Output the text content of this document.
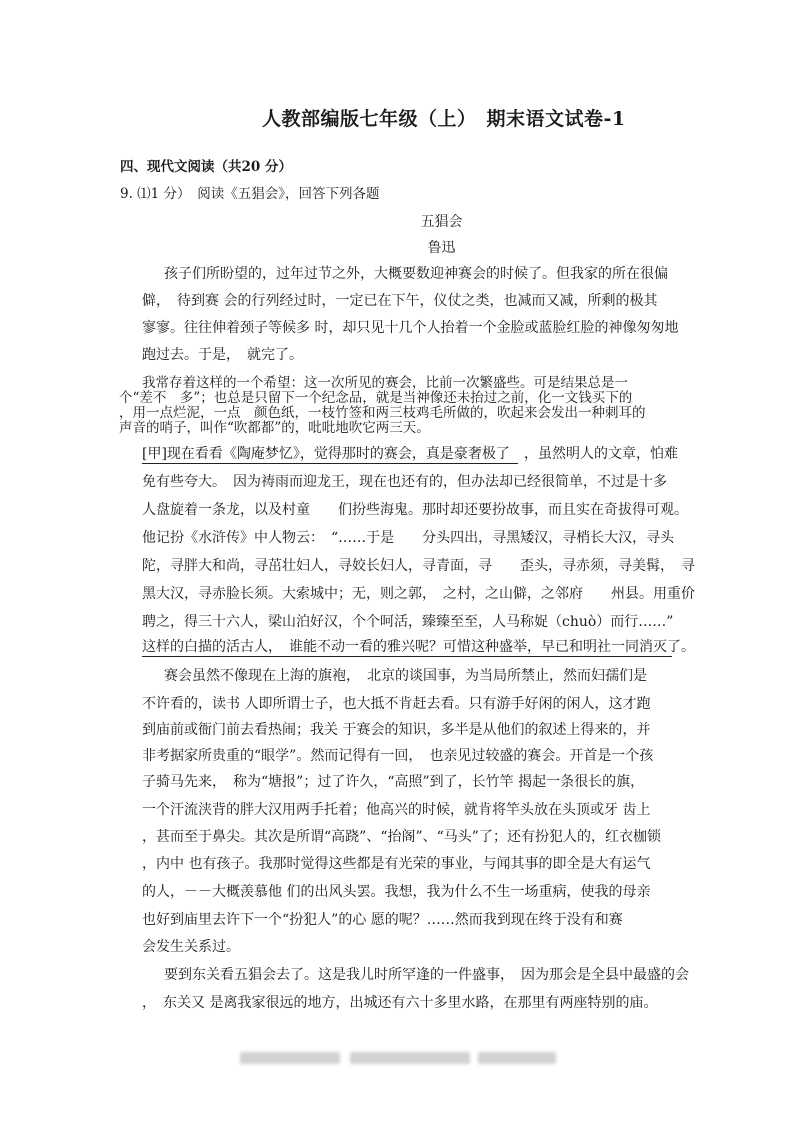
人教部编版七年级（上）　期末语文试卷-1
四、现代文阅读（共20 分）
9. ⑴1 分）　阅读《五猖会》，回答下列各题
五猖会
鲁迅
孩子们所盼望的，过年过节之外，大概要数迎神赛会的时候了。但我家的所在很偏
僻，　待到赛 会的行列经过时，一定已在下午，仪仗之类，也减而又减，所剩的极其
寥寥。往往伸着颈子等候多 时，却只见十几个人抬着一个金脸或蓝脸红脸的神像匆匆地
跑过去。于是，　就完了。
我常存着这样的一个希望：这一次所见的赛会，比前一次繁盛些。可是结果总是一
个“差不　多”；也总是只留下一个纪念品，就是当神像还未抬过之前，化一文钱买下的
，用一点烂泥，一点　颜色纸，一枝竹签和两三枝鸡毛所做的，吹起来会发出一种刺耳的
声音的哨子，叫作“吹都都”的，吡吡地吹它两三天。
[甲]现在看看《陶庵梦忆》，觉得那时的赛会，真是豪奢极了 ，虽然明人的文章，怕难
免有些夸大。　因为祷雨而迎龙王，现在也还有的，但办法却已经很简单，不过是十多
人盘旋着一条龙，以及村童　　们扮些海鬼。那时却还要扮故事，而且实在奇拔得可观。
他记扮《水浒传》中人物云：　“……于是　　分头四出，寻黑矮汉，寻梢长大汉，寻头
陀，寻胖大和尚，寻茁壮妇人，寻姣长妇人，寻青面，寻　　歪头，寻赤须，寻美髯，　寻
黑大汉，寻赤脸长须。大索城中；无，则之郭，　之村，之山僻，之邻府　　州县。用重价
聘之，得三十六人，梁山泊好汉，个个呵活，臻臻至至，人马称娖（chuò）而行……”
这样的白描的活古人，　谁能不动一看的雅兴呢？可惜这种盛举，早已和明社一同消灭了。
赛会虽然不像现在上海的旗袍，　北京的谈国事，为当局所禁止，然而妇孺们是
不许看的，读书 人即所谓士子，也大抵不肯赶去看。只有游手好闲的闲人，这才跑
到庙前或衙门前去看热闹；我关 于赛会的知识，多半是从他们的叙述上得来的，并
非考据家所贵重的“眼学”。然而记得有一回，　也亲见过较盛的赛会。开首是一个孩
子骑马先来，　称为“塘报”；过了许久，“高照”到了，长竹竿 揭起一条很长的旗，
一个汗流浃背的胖大汉用两手托着；他高兴的时候，就肯将竿头放在头顶或牙 齿上
，甚而至于鼻尖。其次是所谓“高跷”、“抬阁”、“马头”了；还有扮犯人的，红衣枷锁
，内中 也有孩子。我那时觉得这些都是有光荣的事业，与闻其事的即全是大有运气
的人，－－大概羡慕他 们的出风头罢。我想，我为什么不生一场重病，使我的母亲
也好到庙里去许下一个“扮犯人”的心 愿的呢？……然而我到现在终于没有和赛
会发生关系过。
要到东关看五猖会去了。这是我儿时所罕逢的一件盛事，　因为那会是全县中最盛的会
，　东关又 是离我家很远的地方，出城还有六十多里水路，在那里有两座特别的庙。
